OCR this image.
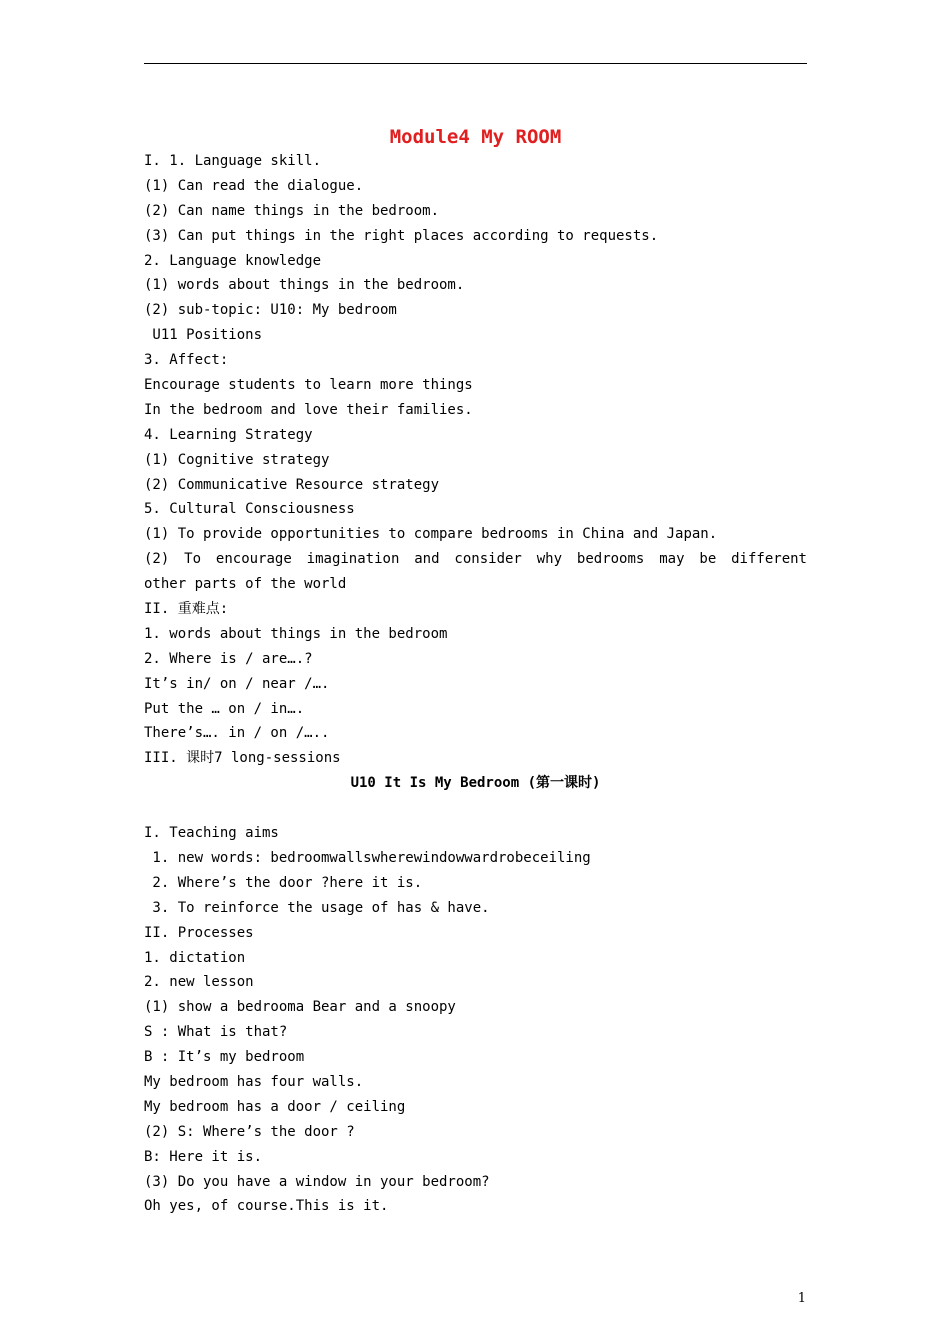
Module4 My ROOM
I. 1. Language skill.
(1) Can read the dialogue.
(2) Can name things in the bedroom.
(3) Can put things in the right places according to requests.
2. Language knowledge
(1) words about things in the bedroom.
(2) sub-topic: U10: My bedroom
U11 Positions
3. Affect:
Encourage students to learn more things
In the bedroom and love their families.
4. Learning Strategy
(1) Cognitive strategy
(2) Communicative Resource strategy
5. Cultural Consciousness
(1) To provide opportunities to compare bedrooms in China and Japan.
(2) To encourage imagination and consider why bedrooms may be different
other parts of the world
II. 重难点:
1. words about things in the bedroom
2. Where is / are….?
It’s in/ on / near /….
Put the … on / in….
There’s…. in / on /…..
III. 课时7 long-sessions
U10 It Is My Bedroom (第一课时)
I. Teaching aims
1. new words: bedroomwallswherewindowwardrobeceiling
2. Where’s the door ?here it is.
3. To reinforce the usage of has & have.
II. Processes
1. dictation
2. new lesson
(1) show a bedrooma Bear and a snoopy
S : What is that?
B : It’s my bedroom
My bedroom has four walls.
My bedroom has a door / ceiling
(2) S: Where’s the door ?
B: Here it is.
(3) Do you have a window in your bedroom?
Oh yes, of course.This is it.
1
